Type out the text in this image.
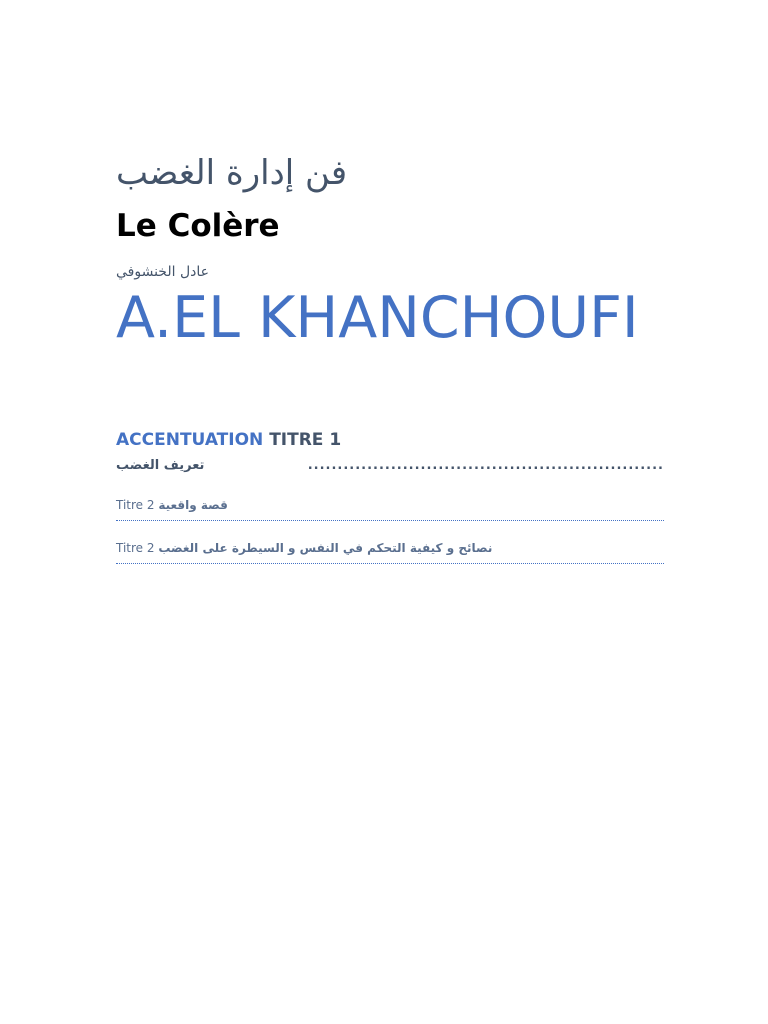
فن إدارة الغضب
Le Colère
عادل الخنشوفي
A.EL KHANCHOUFI
ACCENTUATION TITRE 1
............................................................
تعريف الغضب
Titre 2 قصة واقعية
Titre 2 نصائح و كيفية التحكم في النفس و السيطرة على الغضب
